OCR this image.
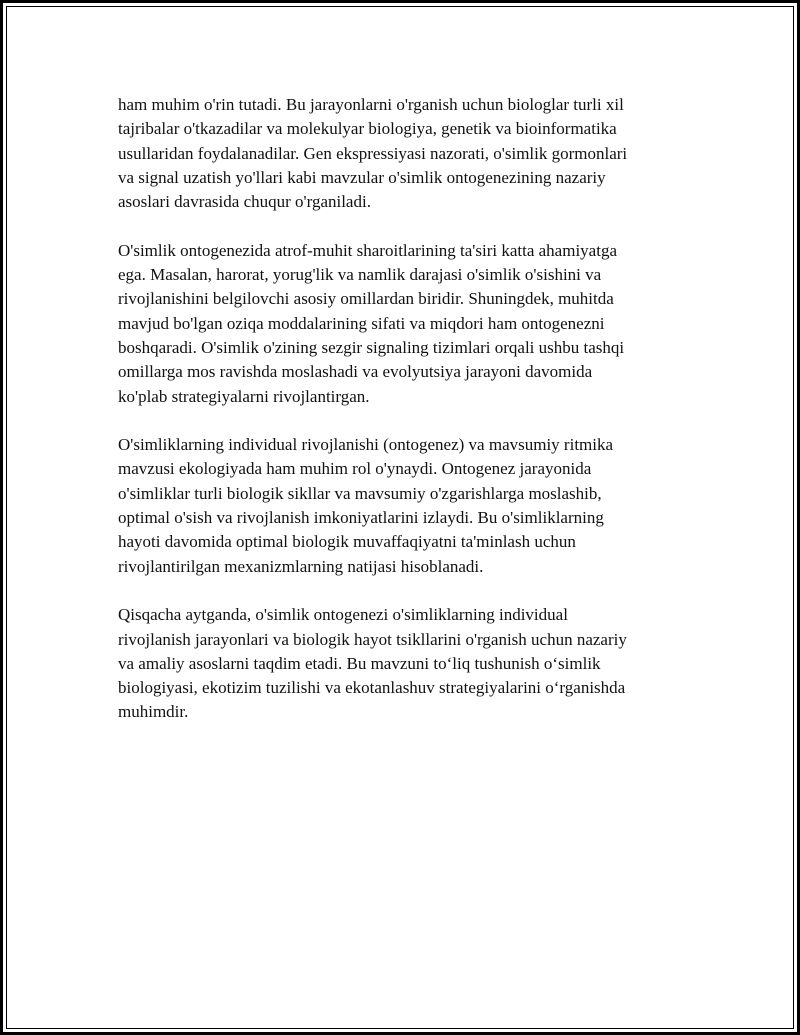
ham muhim o'rin tutadi. Bu jarayonlarni o'rganish uchun biologlar turli xil
tajribalar o'tkazadilar va molekulyar biologiya, genetik va bioinformatika
usullaridan foydalanadilar. Gen ekspressiyasi nazorati, o'simlik gormonlari
va signal uzatish yo'llari kabi mavzular o'simlik ontogenezining nazariy
asoslari davrasida chuqur o'rganiladi.

O'simlik ontogenezida atrof-muhit sharoitlarining ta'siri katta ahamiyatga
ega. Masalan, harorat, yorug'lik va namlik darajasi o'simlik o'sishini va
rivojlanishini belgilovchi asosiy omillardan biridir. Shuningdek, muhitda
mavjud bo'lgan oziqa moddalarining sifati va miqdori ham ontogenezni
boshqaradi. O'simlik o'zining sezgir signaling tizimlari orqali ushbu tashqi
omillarga mos ravishda moslashadi va evolyutsiya jarayoni davomida
ko'plab strategiyalarni rivojlantirgan.

O'simliklarning individual rivojlanishi (ontogenez) va mavsumiy ritmika
mavzusi ekologiyada ham muhim rol o'ynaydi. Ontogenez jarayonida
o'simliklar turli biologik sikllar va mavsumiy o'zgarishlarga moslashib,
optimal o'sish va rivojlanish imkoniyatlarini izlaydi. Bu o'simliklarning
hayoti davomida optimal biologik muvaffaqiyatni ta'minlash uchun
rivojlantirilgan mexanizmlarning natijasi hisoblanadi.

Qisqacha aytganda, o'simlik ontogenezi o'simliklarning individual
rivojlanish jarayonlari va biologik hayot tsikllarini o'rganish uchun nazariy
va amaliy asoslarni taqdim etadi. Bu mavzuni to‘liq tushunish o‘simlik
biologiyasi, ekotizim tuzilishi va ekotanlashuv strategiyalarini o‘rganishda
muhimdir.
